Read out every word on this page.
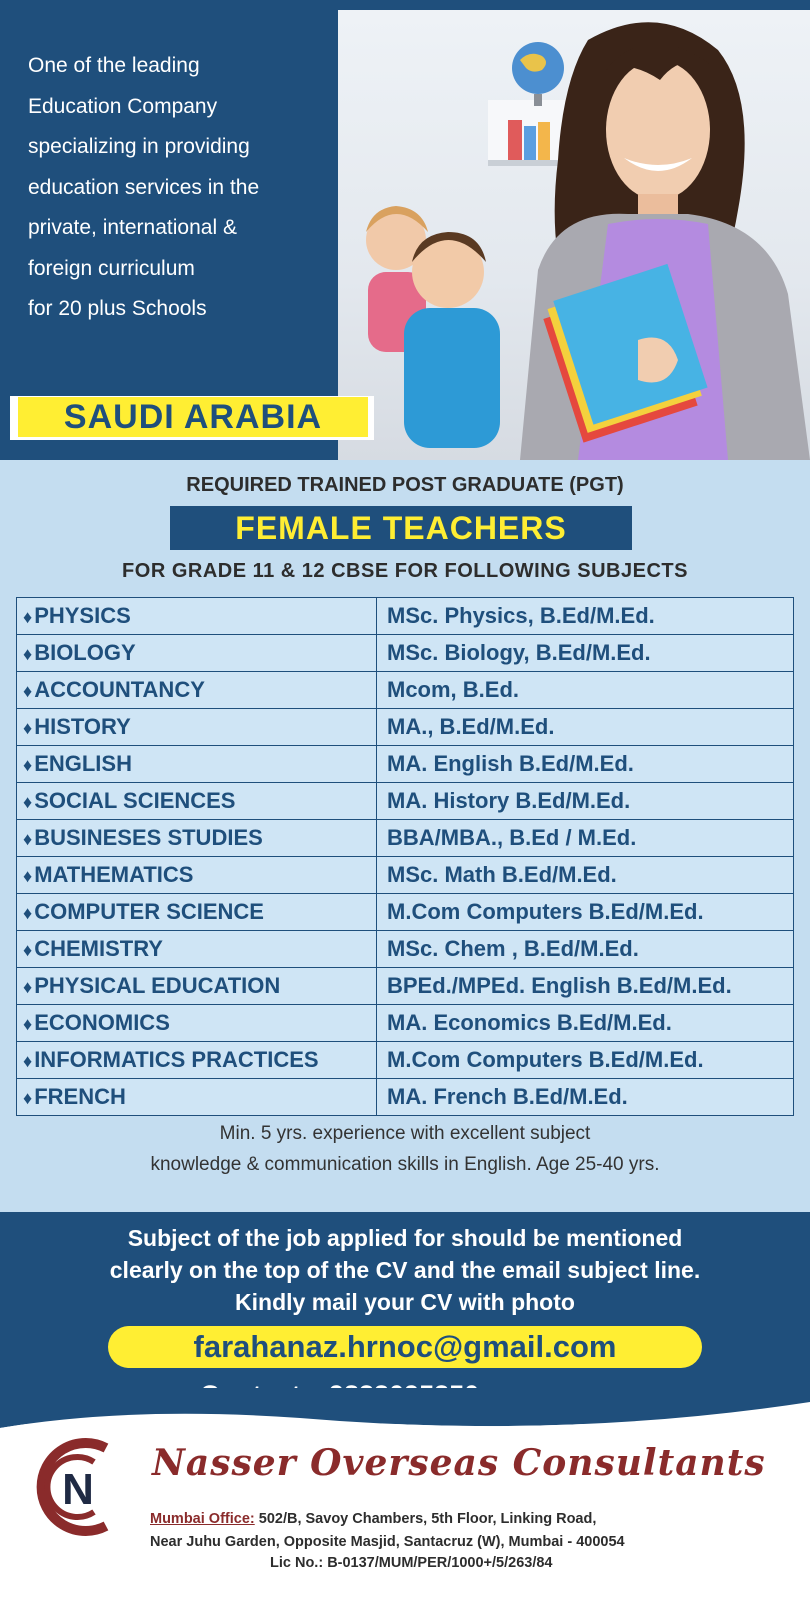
One of the leading
Education Company
specializing in providing
education services in the
private, international &
foreign curriculum
for 20 plus Schools
SAUDI ARABIA
REQUIRED TRAINED POST GRADUATE (PGT)
FEMALE TEACHERS
FOR GRADE 11 & 12 CBSE FOR FOLLOWING SUBJECTS
♦PHYSICS	MSc. Physics, B.Ed/M.Ed.
♦BIOLOGY	MSc. Biology, B.Ed/M.Ed.
♦ACCOUNTANCY	Mcom, B.Ed.
♦HISTORY	MA., B.Ed/M.Ed.
♦ENGLISH	MA. English B.Ed/M.Ed.
♦SOCIAL SCIENCES	MA. History B.Ed/M.Ed.
♦BUSINESES STUDIES	BBA/MBA., B.Ed / M.Ed.
♦MATHEMATICS	MSc. Math B.Ed/M.Ed.
♦COMPUTER SCIENCE	M.Com Computers B.Ed/M.Ed.
♦CHEMISTRY	MSc. Chem , B.Ed/M.Ed.
♦PHYSICAL EDUCATION	BPEd./MPEd. English B.Ed/M.Ed.
♦ECONOMICS	MA. Economics B.Ed/M.Ed.
♦INFORMATICS PRACTICES	M.Com Computers B.Ed/M.Ed.
♦FRENCH	MA. French B.Ed/M.Ed.
Min. 5 yrs. experience with excellent subject
knowledge & communication skills in English. Age 25-40 yrs.
Subject of the job applied for should be mentioned
clearly on the top of the CV and the email subject line.
Kindly mail your CV with photo
farahanaz.hrnoc@gmail.com
N
Nasser Overseas Consultants
Mumbai Office: 502/B, Savoy Chambers, 5th Floor, Linking Road,
Near Juhu Garden, Opposite Masjid, Santacruz (W), Mumbai - 400054
Lic No.: B-0137/MUM/PER/1000+/5/263/84
